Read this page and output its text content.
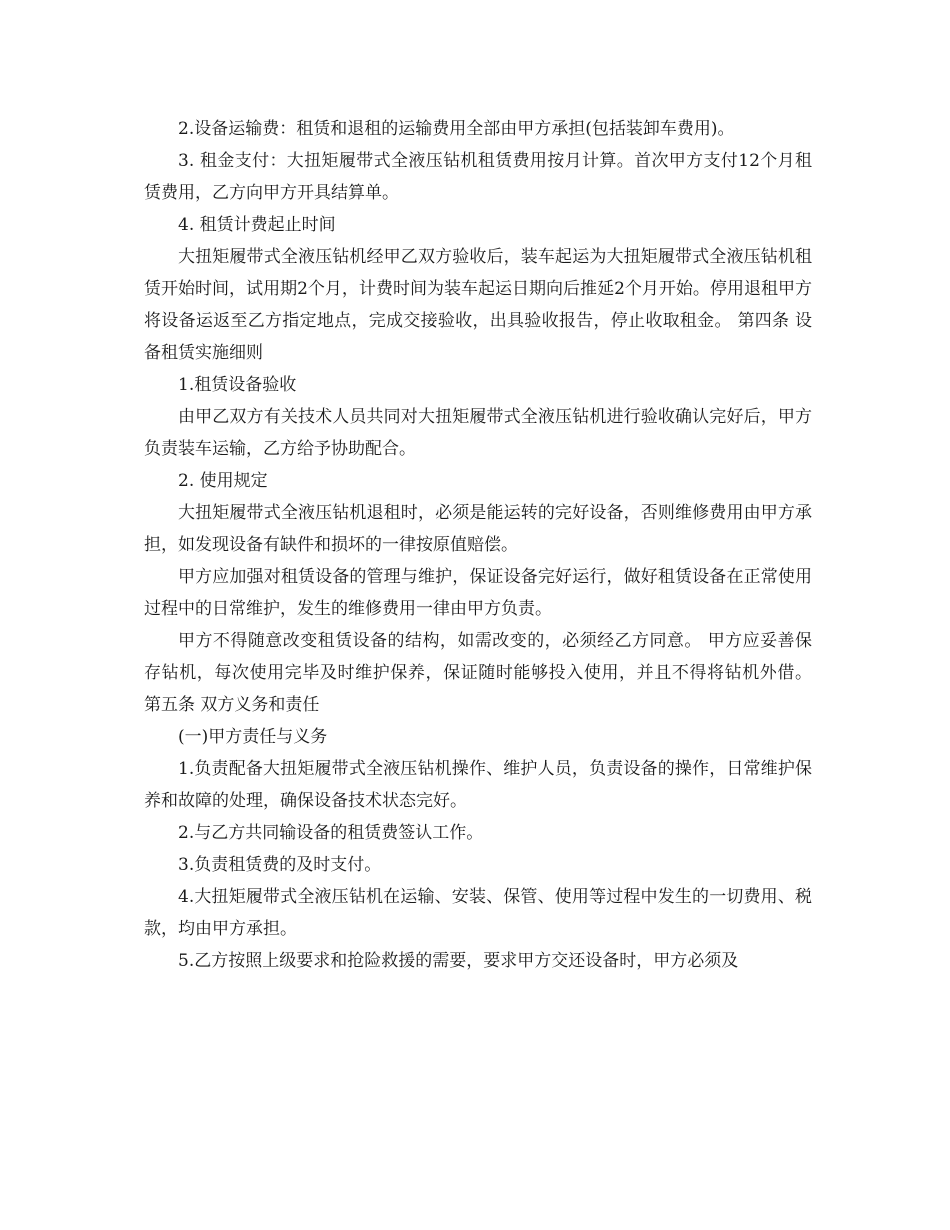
2.设备运输费：租赁和退租的运输费用全部由甲方承担(包括装卸车费用)。

3. 租金支付：大扭矩履带式全液压钻机租赁费用按月计算。首次甲方支付12个月租赁费用，乙方向甲方开具结算单。

4. 租赁计费起止时间

大扭矩履带式全液压钻机经甲乙双方验收后，装车起运为大扭矩履带式全液压钻机租赁开始时间，试用期2个月，计费时间为装车起运日期向后推延2个月开始。停用退租甲方将设备运返至乙方指定地点，完成交接验收，出具验收报告，停止收取租金。 第四条 设备租赁实施细则

1.租赁设备验收

由甲乙双方有关技术人员共同对大扭矩履带式全液压钻机进行验收确认完好后，甲方负责装车运输，乙方给予协助配合。

2. 使用规定

大扭矩履带式全液压钻机退租时，必须是能运转的完好设备，否则维修费用由甲方承担，如发现设备有缺件和损坏的一律按原值赔偿。

甲方应加强对租赁设备的管理与维护，保证设备完好运行，做好租赁设备在正常使用过程中的日常维护，发生的维修费用一律由甲方负责。

甲方不得随意改变租赁设备的结构，如需改变的，必须经乙方同意。 甲方应妥善保存钻机，每次使用完毕及时维护保养，保证随时能够投入使用，并且不得将钻机外借。 第五条 双方义务和责任

(一)甲方责任与义务

1.负责配备大扭矩履带式全液压钻机操作、维护人员，负责设备的操作，日常维护保养和故障的处理，确保设备技术状态完好。

2.与乙方共同输设备的租赁费签认工作。

3.负责租赁费的及时支付。

4.大扭矩履带式全液压钻机在运输、安装、保管、使用等过程中发生的一切费用、税款，均由甲方承担。

5.乙方按照上级要求和抢险救援的需要，要求甲方交还设备时，甲方必须及
